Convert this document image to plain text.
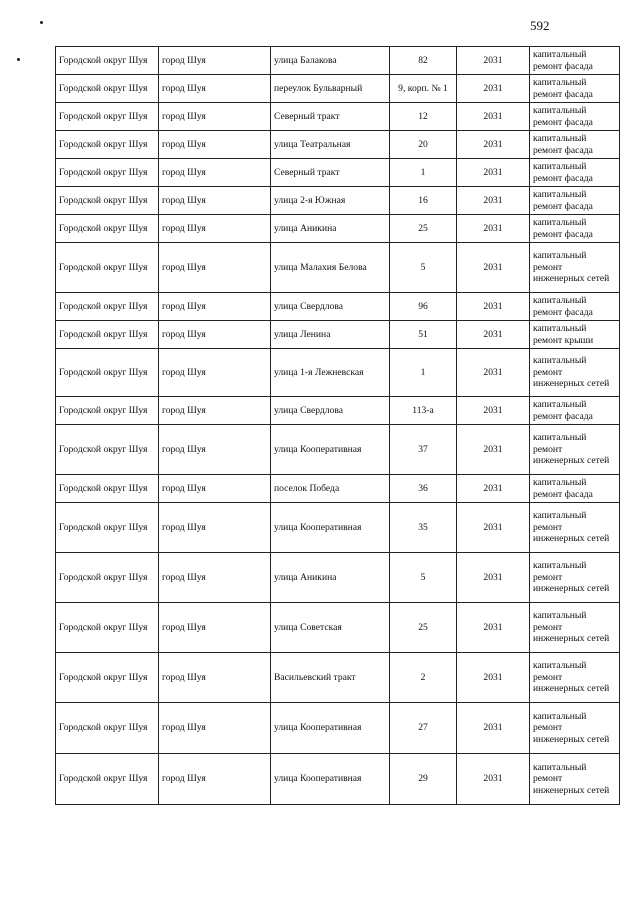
592
Городской округ Шуя	город Шуя	улица Балакова	82	2031	капитальный ремонт фасада
Городской округ Шуя	город Шуя	переулок Бульварный	9, корп. № 1	2031	капитальный ремонт фасада
Городской округ Шуя	город Шуя	Северный тракт	12	2031	капитальный ремонт фасада
Городской округ Шуя	город Шуя	улица Театральная	20	2031	капитальный ремонт фасада
Городской округ Шуя	город Шуя	Северный тракт	1	2031	капитальный ремонт фасада
Городской округ Шуя	город Шуя	улица 2-я Южная	16	2031	капитальный ремонт фасада
Городской округ Шуя	город Шуя	улица Аникина	25	2031	капитальный ремонт фасада
Городской округ Шуя	город Шуя	улица Малахия Белова	5	2031	капитальный ремонт инженерных сетей
Городской округ Шуя	город Шуя	улица Свердлова	96	2031	капитальный ремонт фасада
Городской округ Шуя	город Шуя	улица Ленина	51	2031	капитальный ремонт крыши
Городской округ Шуя	город Шуя	улица 1-я Лежневская	1	2031	капитальный ремонт инженерных сетей
Городской округ Шуя	город Шуя	улица Свердлова	113-а	2031	капитальный ремонт фасада
Городской округ Шуя	город Шуя	улица Кооперативная	37	2031	капитальный ремонт инженерных сетей
Городской округ Шуя	город Шуя	поселок Победа	36	2031	капитальный ремонт фасада
Городской округ Шуя	город Шуя	улица Кооперативная	35	2031	капитальный ремонт инженерных сетей
Городской округ Шуя	город Шуя	улица Аникина	5	2031	капитальный ремонт инженерных сетей
Городской округ Шуя	город Шуя	улица Советская	25	2031	капитальный ремонт инженерных сетей
Городской округ Шуя	город Шуя	Васильевский тракт	2	2031	капитальный ремонт инженерных сетей
Городской округ Шуя	город Шуя	улица Кооперативная	27	2031	капитальный ремонт инженерных сетей
Городской округ Шуя	город Шуя	улица Кооперативная	29	2031	капитальный ремонт инженерных сетей
